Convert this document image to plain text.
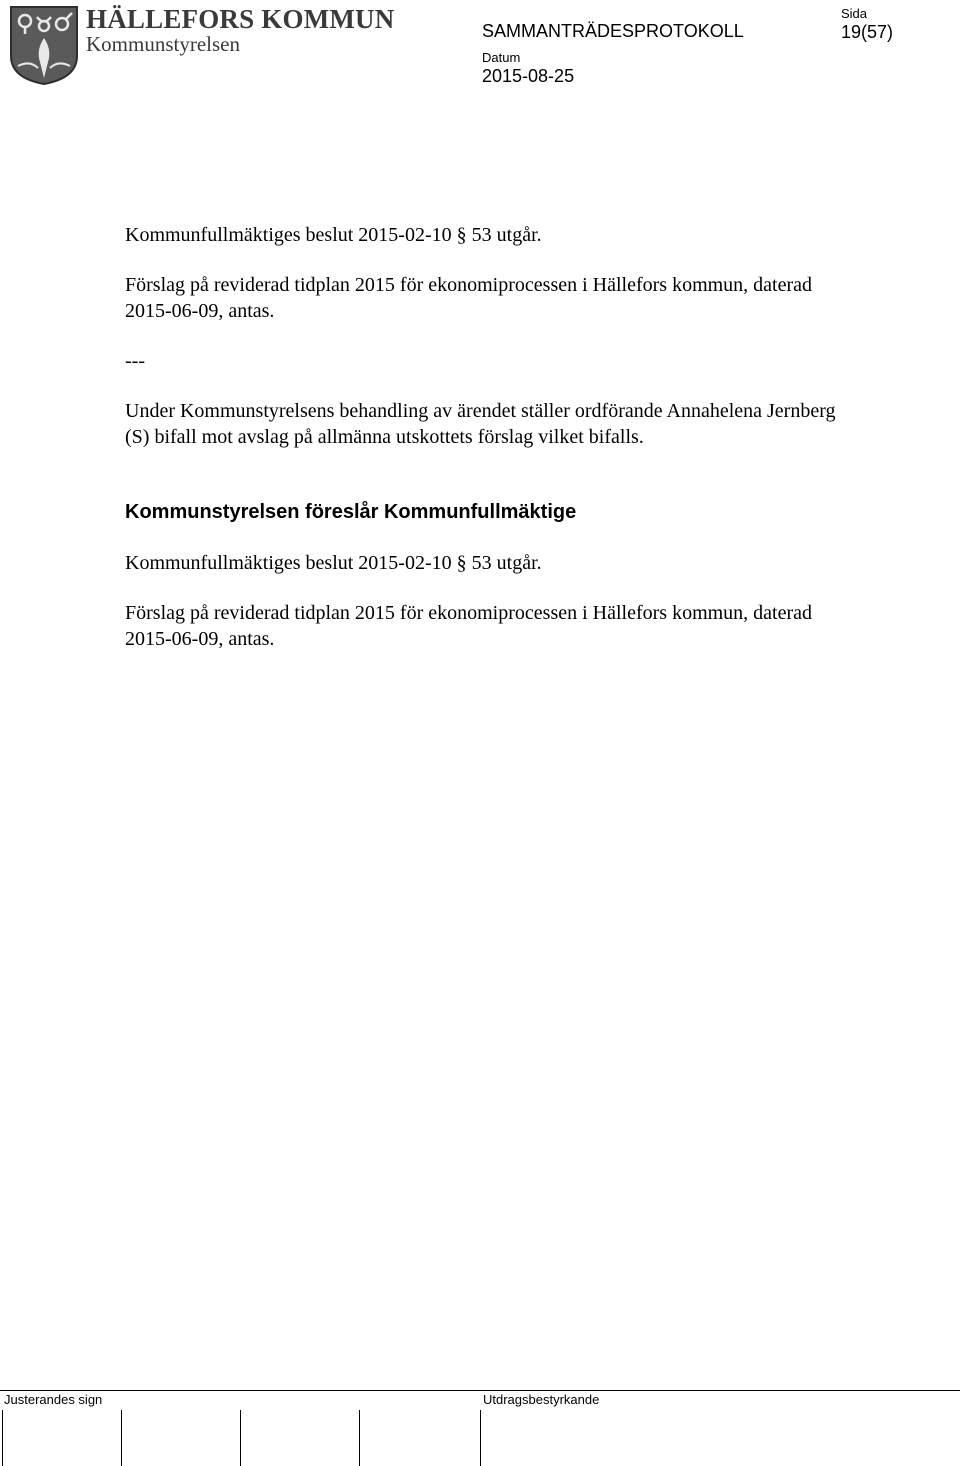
HÄLLEFORS KOMMUN
Kommunstyrelsen
SAMMANTRÄDESPROTOKOLL
Sida
19(57)
Datum
2015-08-25

Kommunfullmäktiges beslut 2015-02-10 § 53 utgår.

Förslag på reviderad tidplan 2015 för ekonomiprocessen i Hällefors kommun, daterad 2015-06-09, antas.

---

Under Kommunstyrelsens behandling av ärendet ställer ordförande Annahelena Jernberg (S) bifall mot avslag på allmänna utskottets förslag vilket bifalls.

Kommunstyrelsen föreslår Kommunfullmäktige

Kommunfullmäktiges beslut 2015-02-10 § 53 utgår.

Förslag på reviderad tidplan 2015 för ekonomiprocessen i Hällefors kommun, daterad 2015-06-09, antas.

Justerandes sign	Utdragsbestyrkande
